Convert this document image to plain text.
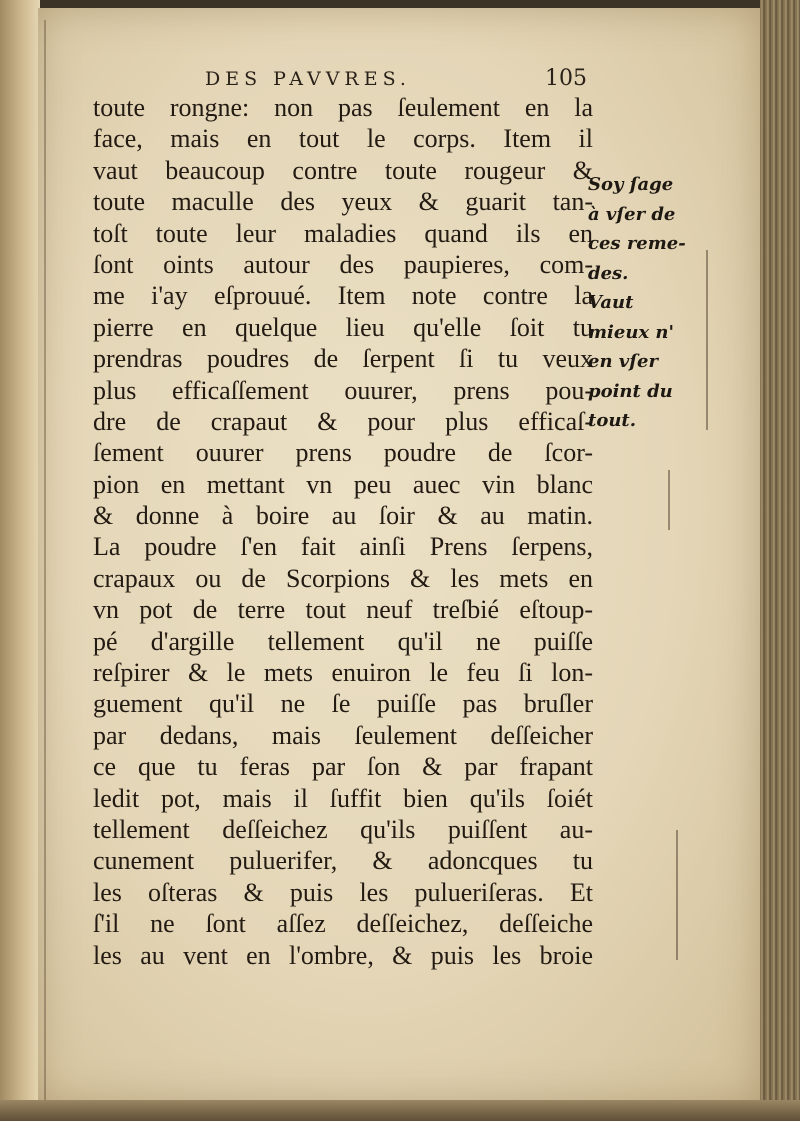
DES PAVVRES.	105
toute rongne: non pas ſeulement en la
face, mais en tout le corps. Item il
vaut beaucoup contre toute rougeur &
toute maculle des yeux & guarit tan-
toſt toute leur maladies quand ils en
ſont oints autour des paupieres, com-
me i'ay eſprouué. Item note contre la
pierre en quelque lieu qu'elle ſoit tu
prendras poudres de ſerpent ſi tu veux
plus efficaſſement ouurer, prens pou-
dre de crapaut & pour plus efficaſ-
ſement ouurer prens poudre de ſcor-
pion en mettant vn peu auec vin blanc
& donne à boire au ſoir & au matin.
La poudre ſ'en fait ainſi Prens ſerpens,
crapaux ou de Scorpions & les mets en
vn pot de terre tout neuf treſbié eſtoup-
pé d'argille tellement qu'il ne puiſſe
reſpirer & le mets enuiron le feu ſi lon-
guement qu'il ne ſe puiſſe pas bruſler
par dedans, mais ſeulement deſſeicher
ce que tu feras par ſon & par frapant
ledit pot, mais il ſuffit bien qu'ils ſoiét
tellement deſſeichez qu'ils puiſſent au-
cunement puluerifer, & adoncques tu
les oſteras & puis les pulueriſeras. Et
ſ'il ne ſont aſſez deſſeichez, deſſeiche
les au vent en l'ombre, & puis les broie
Soy ſage
à vſer de
ces reme-
des.
Vaut
mieux n'
en vſer
point du
tout.
